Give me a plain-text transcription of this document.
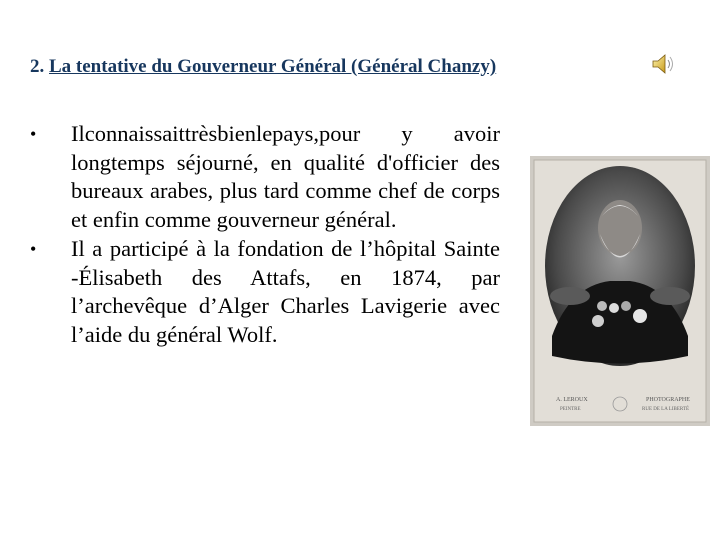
2. La tentative du Gouverneur Général (Général Chanzy)
•	Ilconnaissaittrèsbienlepays,pour y avoir longtemps séjourné, en qualité d'officier des bureaux arabes, plus tard comme chef de corps et enfin comme gouverneur général.
•	Il a participé à la fondation de l’hôpital Sainte -Élisabeth des Attafs, en 1874, par l’archevêque d’Alger Charles Lavigerie avec l’aide du général Wolf.
A. LEROUX	PHOTOGRAPHE
PEINTRE	RUE DE LA LIBERTÉ
